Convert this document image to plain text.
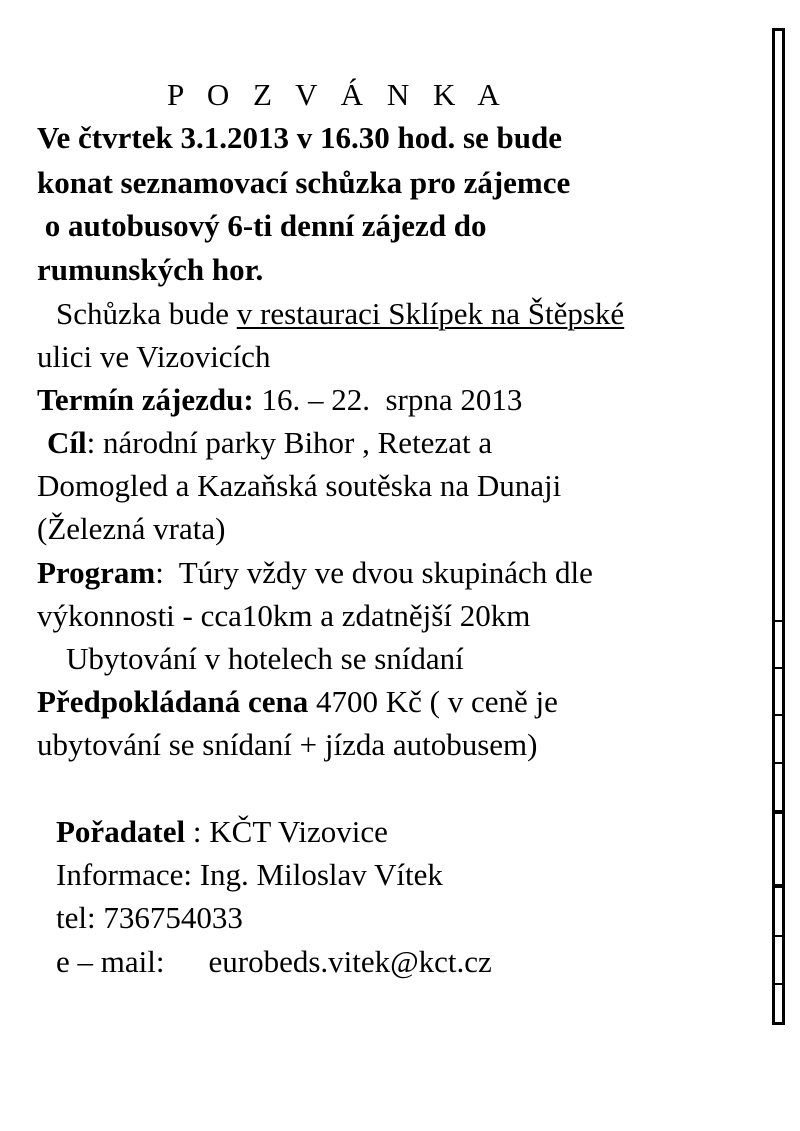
P O Z V Á N K A
Ve čtvrtek 3.1.2013 v 16.30 hod. se bude
konat seznamovací schůzka pro zájemce
o autobusový 6-ti denní zájezd do
rumunských hor.
Schůzka bude v restauraci Sklípek na Štěpské
ulici ve Vizovicích
Termín zájezdu: 16. – 22.  srpna 2013
Cíl: národní parky Bihor , Retezat a
Domogled a Kazaňská soutěska na Dunaji
(Železná vrata)
Program:  Túry vždy ve dvou skupinách dle
výkonnosti - cca10km a zdatnější 20km
Ubytování v hotelech se snídaní
Předpokládaná cena 4700 Kč ( v ceně je
ubytování se snídaní + jízda autobusem)
Pořadatel : KČT Vizovice
Informace: Ing. Miloslav Vítek
tel: 736754033
e – mail: eurobeds.vitek@kct.cz
